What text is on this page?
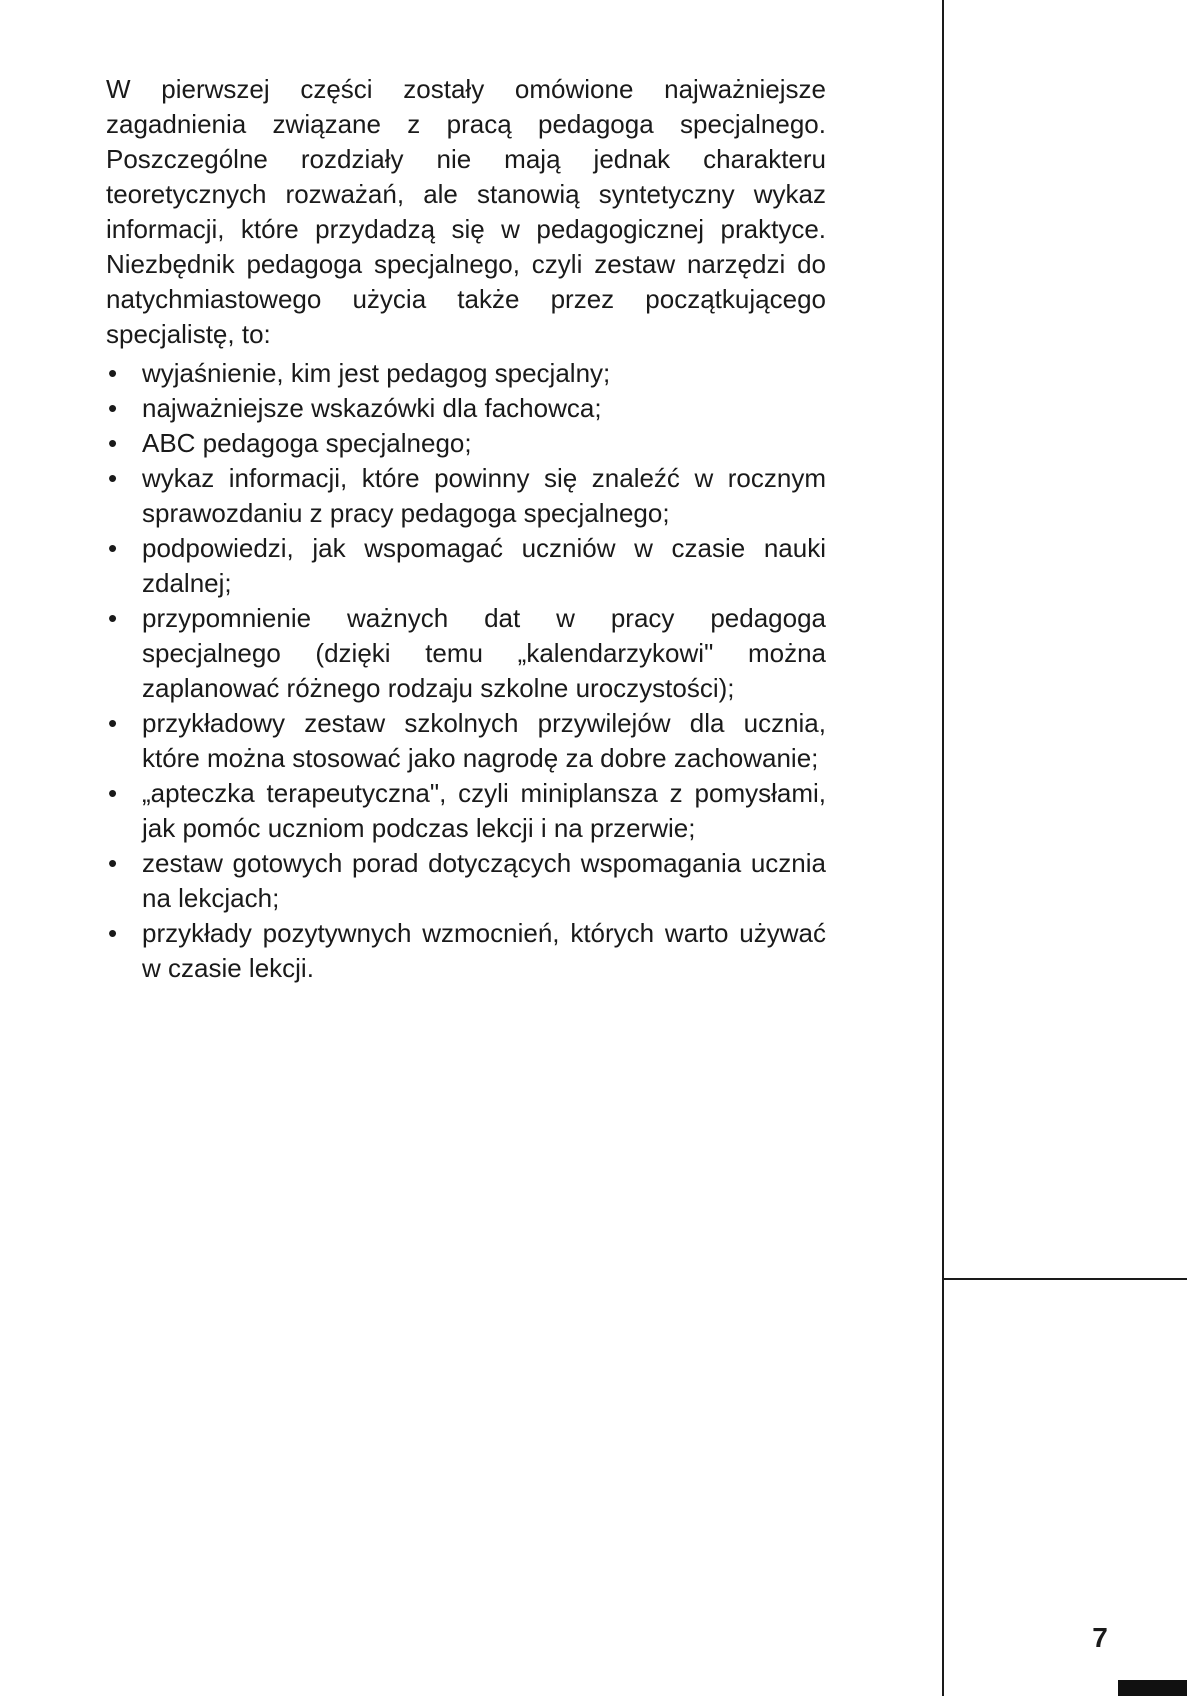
W pierwszej części zostały omówione najważniejsze zagadnienia związane z pracą pedagoga specjalnego. Poszczególne rozdziały nie mają jednak charakteru teoretycznych rozważań, ale stanowią syntetyczny wykaz informacji, które przydadzą się w pedagogicznej praktyce. Niezbędnik pedagoga specjalnego, czyli zestaw narzędzi do natychmiastowego użycia także przez początkującego specjalistę, to:

• wyjaśnienie, kim jest pedagog specjalny;
• najważniejsze wskazówki dla fachowca;
• ABC pedagoga specjalnego;
• wykaz informacji, które powinny się znaleźć w rocznym sprawozdaniu z pracy pedagoga specjalnego;
• podpowiedzi, jak wspomagać uczniów w czasie nauki zdalnej;
• przypomnienie ważnych dat w pracy pedagoga specjalnego (dzięki temu „kalendarzykowi" można zaplanować różnego rodzaju szkolne uroczystości);
• przykładowy zestaw szkolnych przywilejów dla ucznia, które można stosować jako nagrodę za dobre zachowanie;
• „apteczka terapeutyczna", czyli miniplansza z pomysłami, jak pomóc uczniom podczas lekcji i na przerwie;
• zestaw gotowych porad dotyczących wspomagania ucznia na lekcjach;
• przykłady pozytywnych wzmocnień, których warto używać w czasie lekcji.
7
